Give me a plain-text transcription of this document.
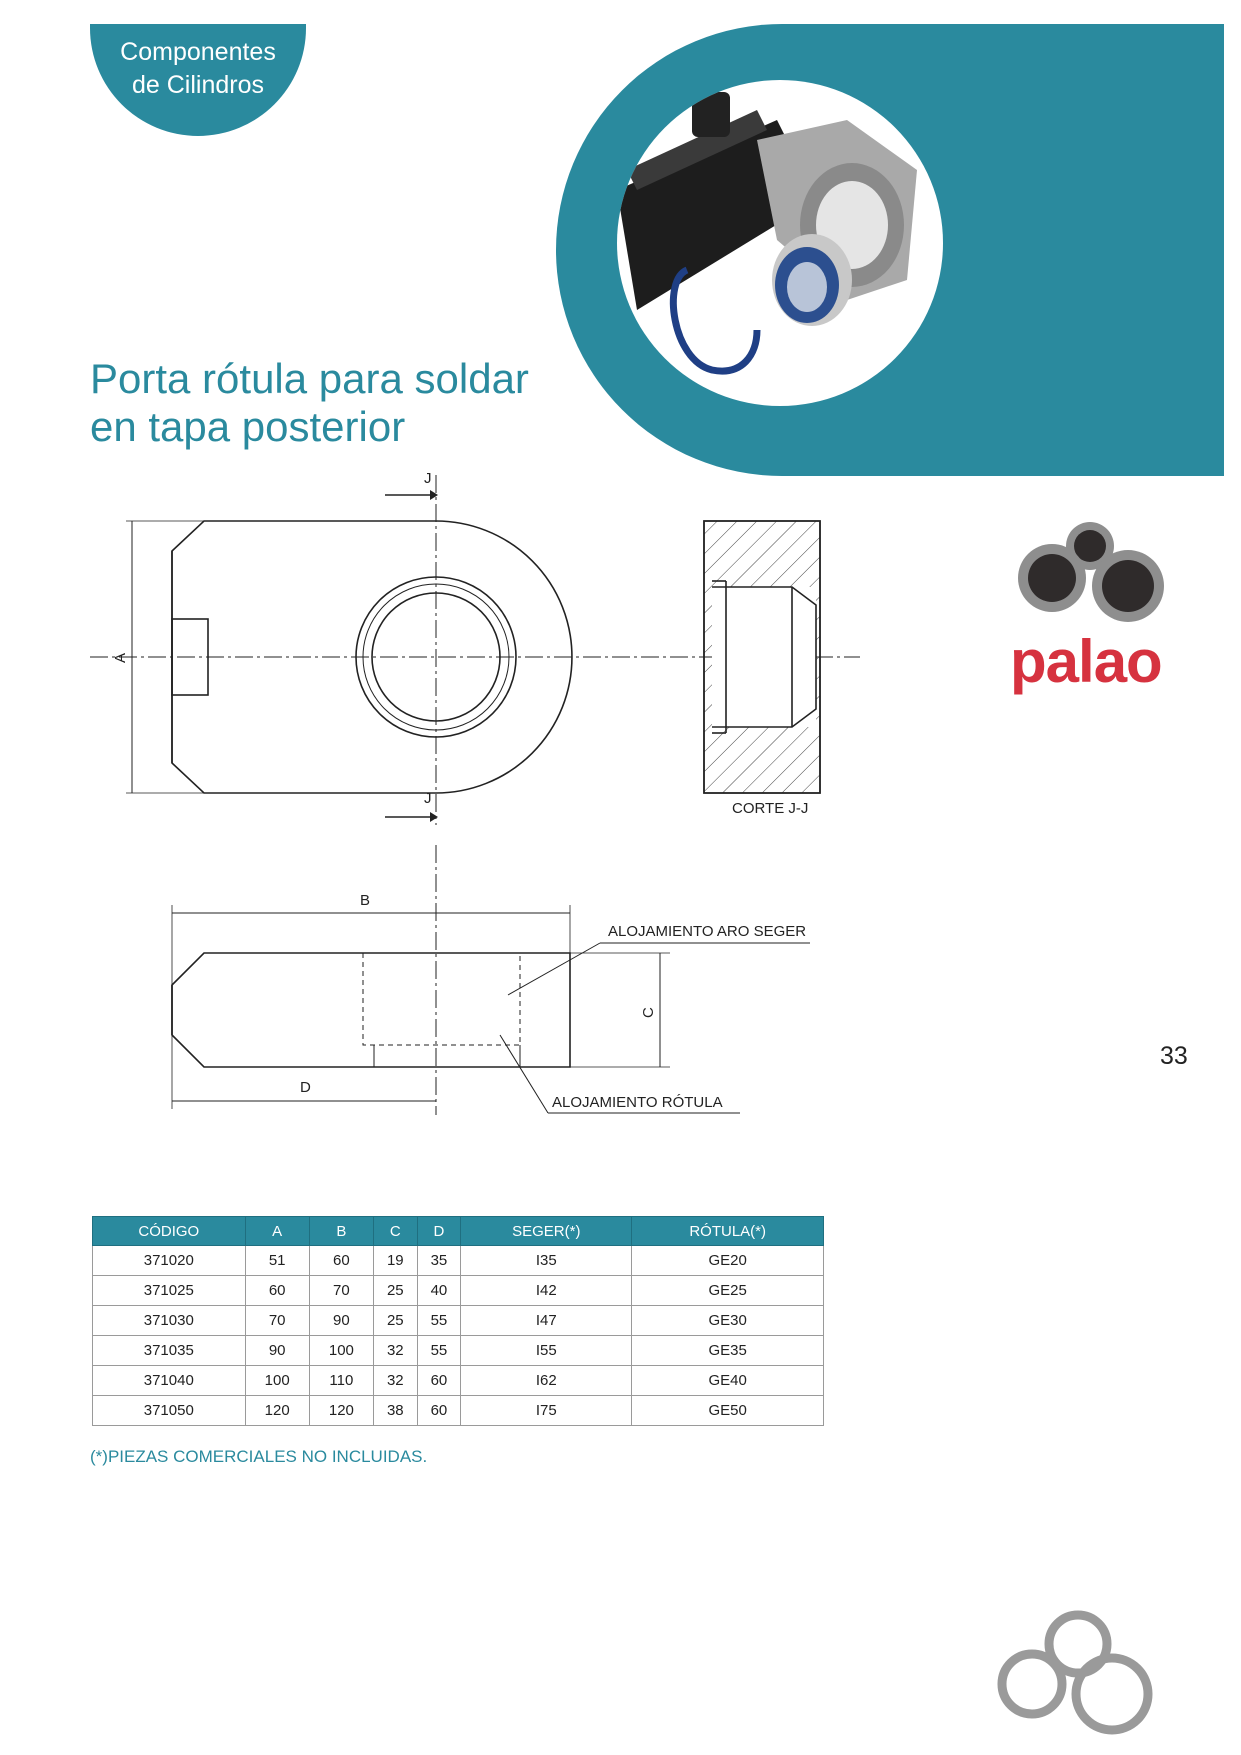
Componentes
de Cilindros
Porta rótula para soldar
en tapa posterior
A
J
J
CORTE J-J
B
D
C
ALOJAMIENTO ARO SEGER
ALOJAMIENTO RÓTULA
palao
33
CÓDIGO	A	B	C	D	SEGER(*)	RÓTULA(*)
371020	51	60	19	35	I35	GE20
371025	60	70	25	40	I42	GE25
371030	70	90	25	55	I47	GE30
371035	90	100	32	55	I55	GE35
371040	100	110	32	60	I62	GE40
371050	120	120	38	60	I75	GE50
(*)PIEZAS COMERCIALES NO INCLUIDAS.
